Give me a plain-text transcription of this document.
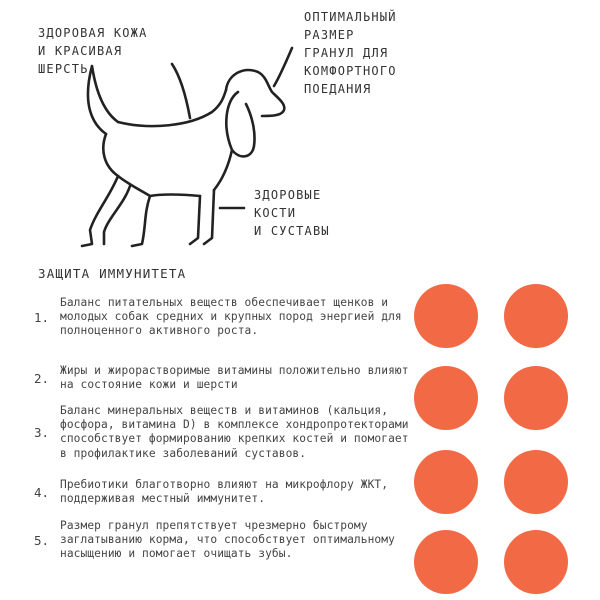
ЗДОРОВАЯ КОЖА
И КРАСИВАЯ
ШЕРСТЬ
ОПТИМАЛЬНЫЙ
РАЗМЕР
ГРАНУЛ ДЛЯ
КОМФОРТНОГО
ПОЕДАНИЯ
ЗДОРОВЫЕ
КОСТИ
И СУСТАВЫ
ЗАЩИТА ИММУНИТЕТА
1.
Баланс питательных веществ обеспечивает щенков и молодых собак средних и крупных пород энергией для полноценного активного роста.
2.
Жиры и жирорастворимые витамины положительно влияют на состояние кожи и шерсти
3.
Баланс минеральных веществ и витаминов (кальция, фосфора, витамина D) в комплексе хондропротекторами способствует формированию крепких костей и помогает в профилактике заболеваний суставов.
4.
Пребиотики благотворно влияют на микрофлору ЖКТ, поддерживая местный иммунитет.
5.
Размер гранул препятствует чрезмерно быстрому заглатыванию корма, что способствует оптимальному насыщению и помогает очищать зубы.
